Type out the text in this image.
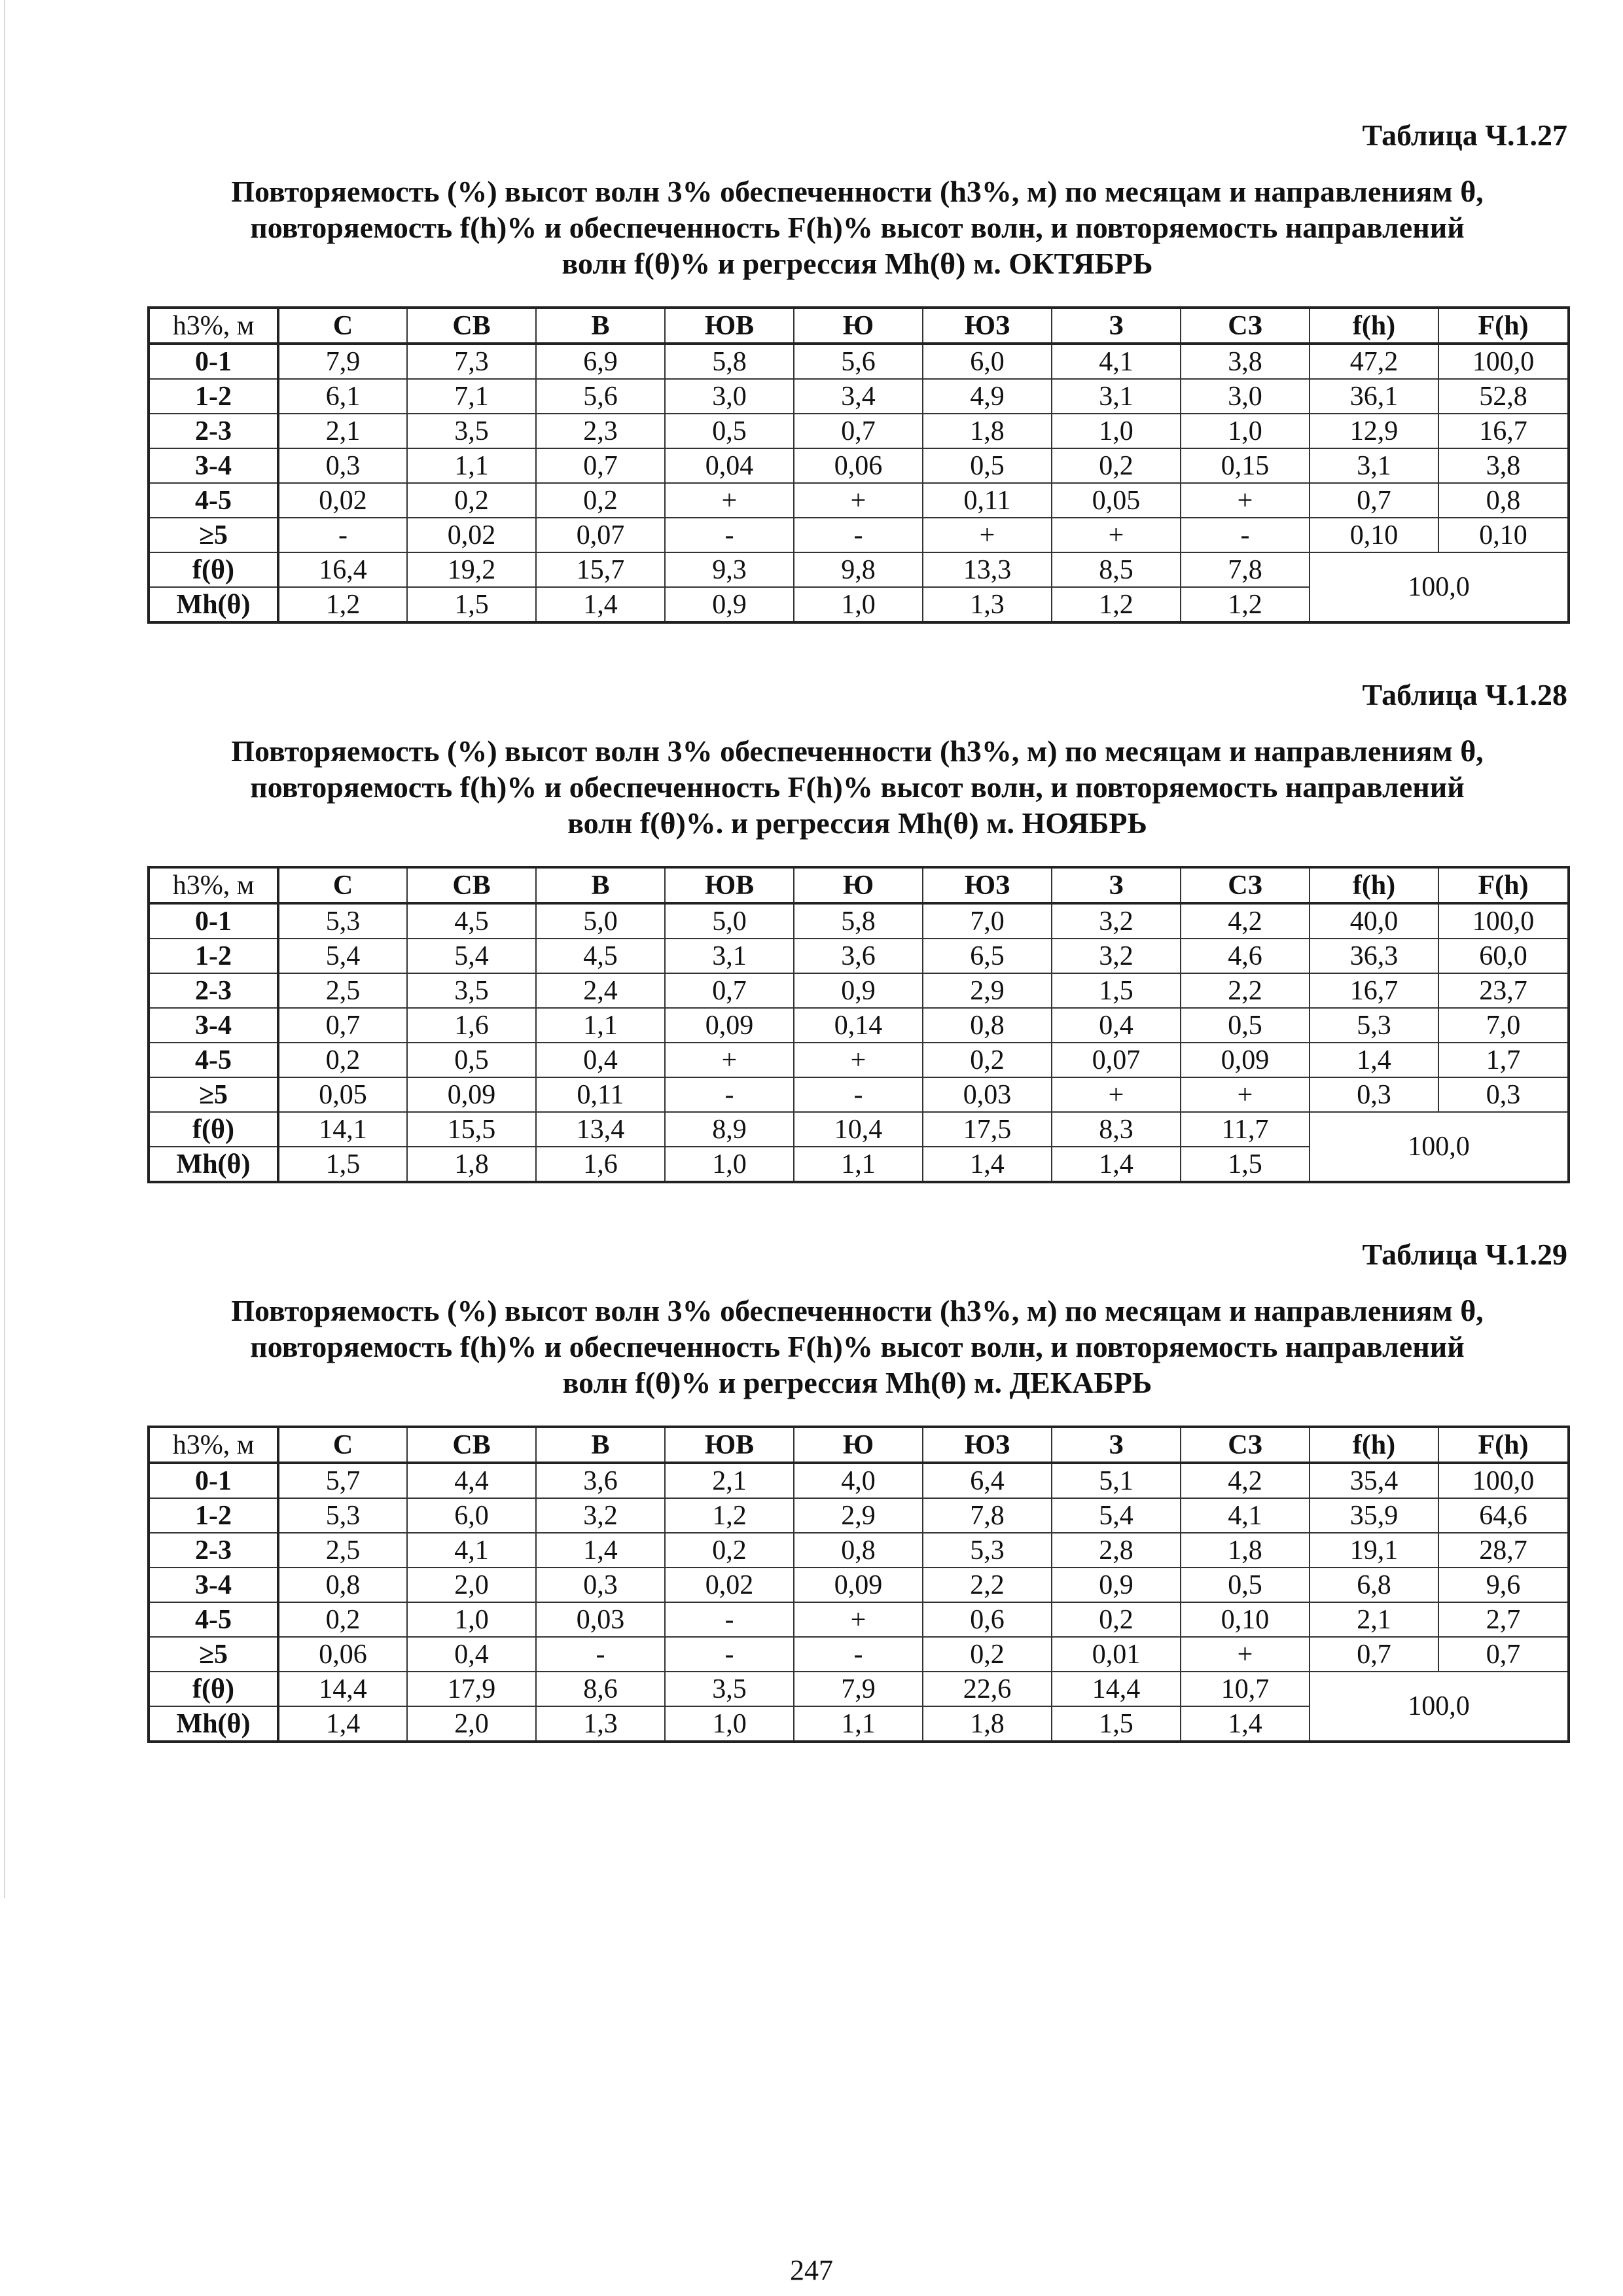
Таблица Ч.1.27
Повторяемость (%) высот волн 3% обеспеченности (h3%, м) по месяцам и направлениям θ,
повторяемость f(h)% и обеспеченность F(h)% высот волн, и повторяемость направлений
волн f(θ)% и регрессия Mh(θ) м. ОКТЯБРЬ
h3%, м	С	СВ	В	ЮВ	Ю	ЮЗ	З	СЗ	f(h)	F(h)
0-1	7,9	7,3	6,9	5,8	5,6	6,0	4,1	3,8	47,2	100,0
1-2	6,1	7,1	5,6	3,0	3,4	4,9	3,1	3,0	36,1	52,8
2-3	2,1	3,5	2,3	0,5	0,7	1,8	1,0	1,0	12,9	16,7
3-4	0,3	1,1	0,7	0,04	0,06	0,5	0,2	0,15	3,1	3,8
4-5	0,02	0,2	0,2	+	+	0,11	0,05	+	0,7	0,8
≥5	-	0,02	0,07	-	-	+	+	-	0,10	0,10
f(θ)	16,4	19,2	15,7	9,3	9,8	13,3	8,5	7,8	100,0	
Mh(θ)	1,2	1,5	1,4	0,9	1,0	1,3	1,2	1,2		
Таблица Ч.1.28
Повторяемость (%) высот волн 3% обеспеченности (h3%, м) по месяцам и направлениям θ,
повторяемость f(h)% и обеспеченность F(h)% высот волн, и повторяемость направлений
волн f(θ)%. и регрессия Mh(θ) м. НОЯБРЬ
h3%, м	С	СВ	В	ЮВ	Ю	ЮЗ	З	СЗ	f(h)	F(h)
0-1	5,3	4,5	5,0	5,0	5,8	7,0	3,2	4,2	40,0	100,0
1-2	5,4	5,4	4,5	3,1	3,6	6,5	3,2	4,6	36,3	60,0
2-3	2,5	3,5	2,4	0,7	0,9	2,9	1,5	2,2	16,7	23,7
3-4	0,7	1,6	1,1	0,09	0,14	0,8	0,4	0,5	5,3	7,0
4-5	0,2	0,5	0,4	+	+	0,2	0,07	0,09	1,4	1,7
≥5	0,05	0,09	0,11	-	-	0,03	+	+	0,3	0,3
f(θ)	14,1	15,5	13,4	8,9	10,4	17,5	8,3	11,7	100,0	
Mh(θ)	1,5	1,8	1,6	1,0	1,1	1,4	1,4	1,5		
Таблица Ч.1.29
Повторяемость (%) высот волн 3% обеспеченности (h3%, м) по месяцам и направлениям θ,
повторяемость f(h)% и обеспеченность F(h)% высот волн, и повторяемость направлений
волн f(θ)% и регрессия Mh(θ) м. ДЕКАБРЬ
h3%, м	С	СВ	В	ЮВ	Ю	ЮЗ	З	СЗ	f(h)	F(h)
0-1	5,7	4,4	3,6	2,1	4,0	6,4	5,1	4,2	35,4	100,0
1-2	5,3	6,0	3,2	1,2	2,9	7,8	5,4	4,1	35,9	64,6
2-3	2,5	4,1	1,4	0,2	0,8	5,3	2,8	1,8	19,1	28,7
3-4	0,8	2,0	0,3	0,02	0,09	2,2	0,9	0,5	6,8	9,6
4-5	0,2	1,0	0,03	-	+	0,6	0,2	0,10	2,1	2,7
≥5	0,06	0,4	-	-	-	0,2	0,01	+	0,7	0,7
f(θ)	14,4	17,9	8,6	3,5	7,9	22,6	14,4	10,7	100,0	
Mh(θ)	1,4	2,0	1,3	1,0	1,1	1,8	1,5	1,4		
247
